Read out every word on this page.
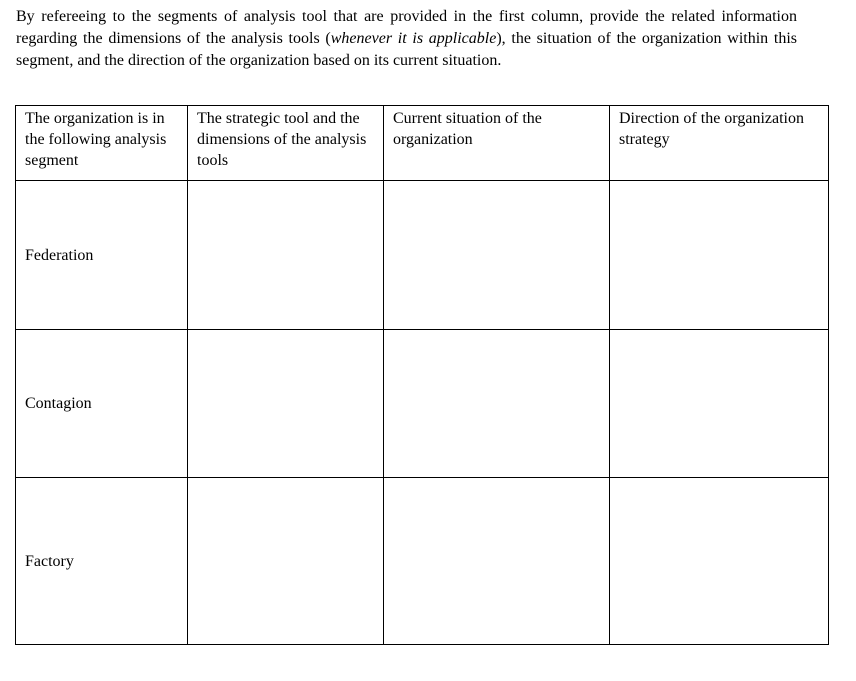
By refereeing to the segments of analysis tool that are provided in the first column, provide the related information regarding the dimensions of the analysis tools (whenever it is applicable), the situation of the organization within this segment, and the direction of the organization based on its current situation.

The organization is in the following analysis segment	The strategic tool and the dimensions of the analysis tools	Current situation of the organization	Direction of the organization strategy
Federation			
Contagion			
Factory			
